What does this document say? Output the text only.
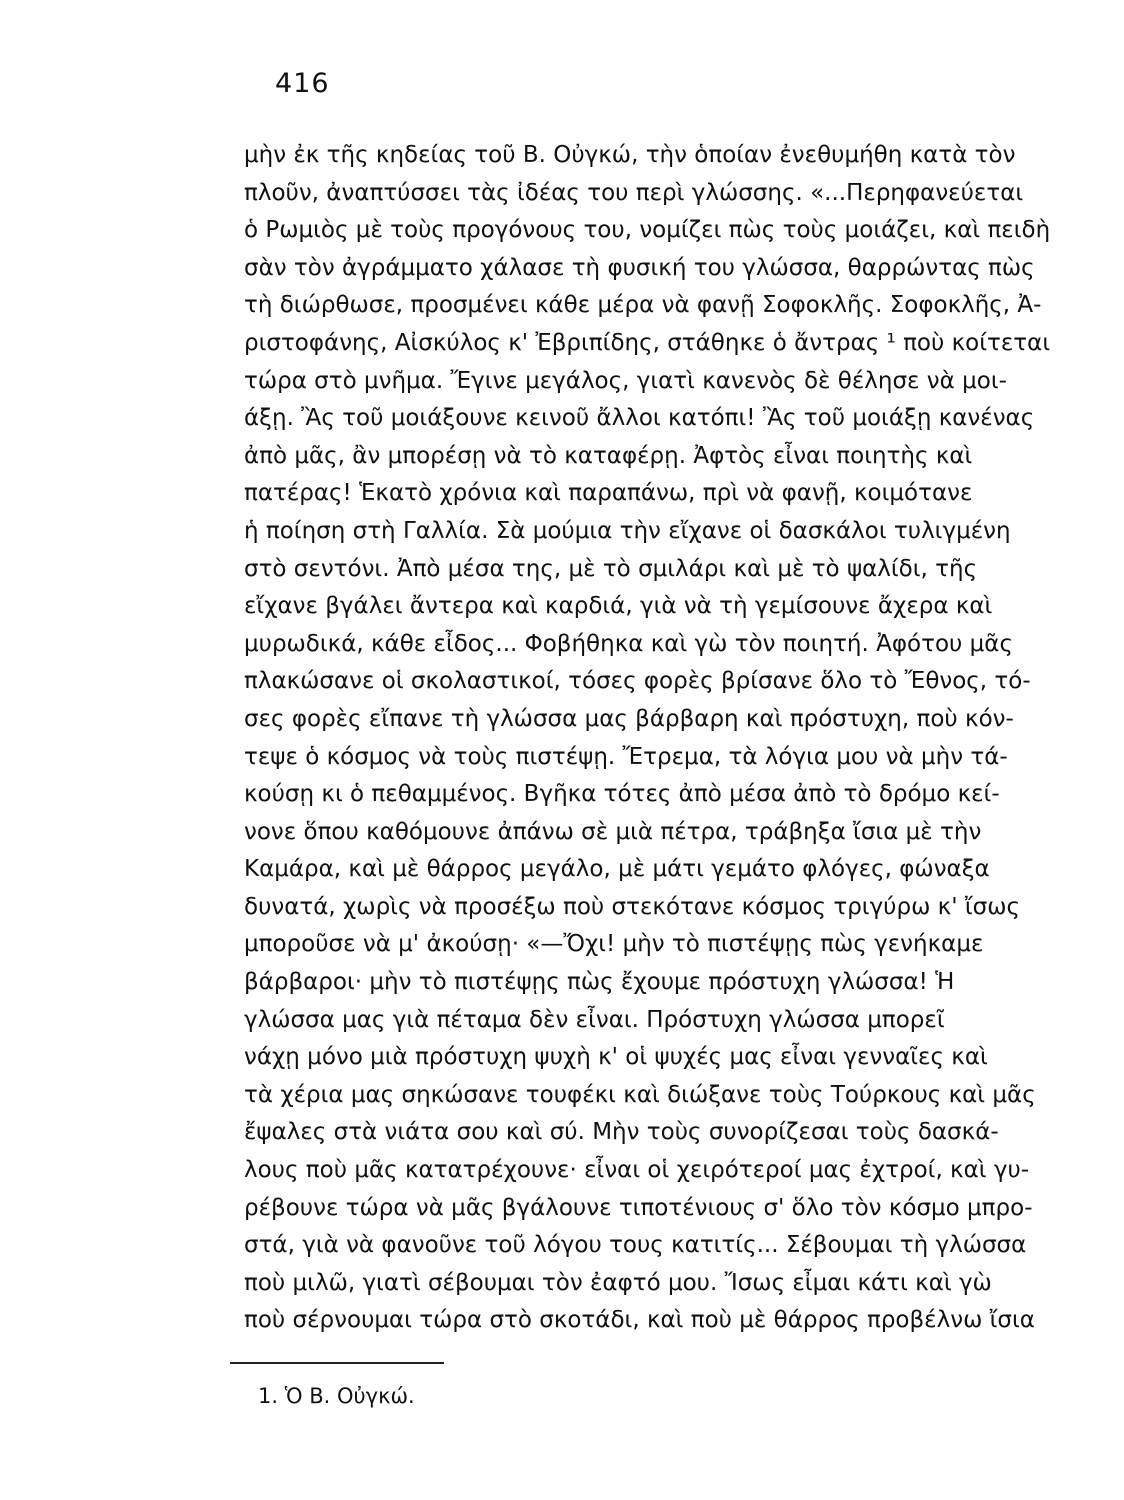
416
μὴν ἐκ τῆς κηδείας τοῦ Β. Οὐγκώ, τὴν ὁποίαν ἐνεθυμήθη κατὰ τὸν
πλοῦν, ἀναπτύσσει τὰς ἰδέας του περὶ γλώσσης. «...Περηφανεύεται
ὁ Ρωμιὸς μὲ τοὺς προγόνους του, νομίζει πὼς τοὺς μοιάζει, καὶ πειδὴ
σὰν τὸν ἀγράμματο χάλασε τὴ φυσική του γλώσσα, θαρρώντας πὼς
τὴ διώρθωσε, προσμένει κάθε μέρα νὰ φανῇ Σοφοκλῆς. Σοφοκλῆς, Ἀ-
ριστοφάνης, Αἰσκύλος κ' Ἐβριπίδης, στάθηκε ὁ ἄντρας ¹ ποὺ κοίτεται
τώρα στὸ μνῆμα. Ἔγινε μεγάλος, γιατὶ κανενὸς δὲ θέλησε νὰ μοι-
άξῃ. Ἂς τοῦ μοιάξουνε κεινοῦ ἄλλοι κατόπι! Ἂς τοῦ μοιάξῃ κανένας
ἀπὸ μᾶς, ἂν μπορέσῃ νὰ τὸ καταφέρῃ. Ἀφτὸς εἶναι ποιητὴς καὶ
πατέρας! Ἑκατὸ χρόνια καὶ παραπάνω, πρὶ νὰ φανῇ, κοιμότανε
ἡ ποίηση στὴ Γαλλία. Σὰ μούμια τὴν εἴχανε οἱ δασκάλοι τυλιγμένη
στὸ σεντόνι. Ἀπὸ μέσα της, μὲ τὸ σμιλάρι καὶ μὲ τὸ ψαλίδι, τῆς
εἴχανε βγάλει ἄντερα καὶ καρδιά, γιὰ νὰ τὴ γεμίσουνε ἄχερα καὶ
μυρωδικά, κάθε εἶδος... Φοβήθηκα καὶ γὼ τὸν ποιητή. Ἀφότου μᾶς
πλακώσανε οἱ σκολαστικοί, τόσες φορὲς βρίσανε ὅλο τὸ Ἔθνος, τό-
σες φορὲς εἴπανε τὴ γλώσσα μας βάρβαρη καὶ πρόστυχη, ποὺ κόν-
τεψε ὁ κόσμος νὰ τοὺς πιστέψῃ. Ἔτρεμα, τὰ λόγια μου νὰ μὴν τά-
κούσῃ κι ὁ πεθαμμένος. Βγῆκα τότες ἀπὸ μέσα ἀπὸ τὸ δρόμο κεί-
νονε ὅπου καθόμουνε ἀπάνω σὲ μιὰ πέτρα, τράβηξα ἴσια μὲ τὴν
Καμάρα, καὶ μὲ θάρρος μεγάλο, μὲ μάτι γεμάτο φλόγες, φώναξα
δυνατά, χωρὶς νὰ προσέξω ποὺ στεκότανε κόσμος τριγύρω κ' ἴσως
μποροῦσε νὰ μ' ἀκούσῃ· «—Ὄχι! μὴν τὸ πιστέψῃς πὼς γενήκαμε
βάρβαροι· μὴν τὸ πιστέψῃς πὼς ἔχουμε πρόστυχη γλώσσα! Ἡ
γλώσσα μας γιὰ πέταμα δὲν εἶναι. Πρόστυχη γλώσσα μπορεῖ
νάχῃ μόνο μιὰ πρόστυχη ψυχὴ κ' οἱ ψυχές μας εἶναι γενναῖες καὶ
τὰ χέρια μας σηκώσανε τουφέκι καὶ διώξανε τοὺς Τούρκους καὶ μᾶς
ἔψαλες στὰ νιάτα σου καὶ σύ. Μὴν τοὺς συνορίζεσαι τοὺς δασκά-
λους ποὺ μᾶς κατατρέχουνε· εἶναι οἱ χειρότεροί μας ἐχτροί, καὶ γυ-
ρέβουνε τώρα νὰ μᾶς βγάλουνε τιποτένιους σ' ὅλο τὸν κόσμο μπρο-
στά, γιὰ νὰ φανοῦνε τοῦ λόγου τους κατιτίς... Σέβουμαι τὴ γλώσσα
ποὺ μιλῶ, γιατὶ σέβουμαι τὸν ἐαφτό μου. Ἴσως εἶμαι κάτι καὶ γὼ
ποὺ σέρνουμαι τώρα στὸ σκοτάδι, καὶ ποὺ μὲ θάρρος προβέλνω ἴσια
1. Ὁ Β. Οὐγκώ.
